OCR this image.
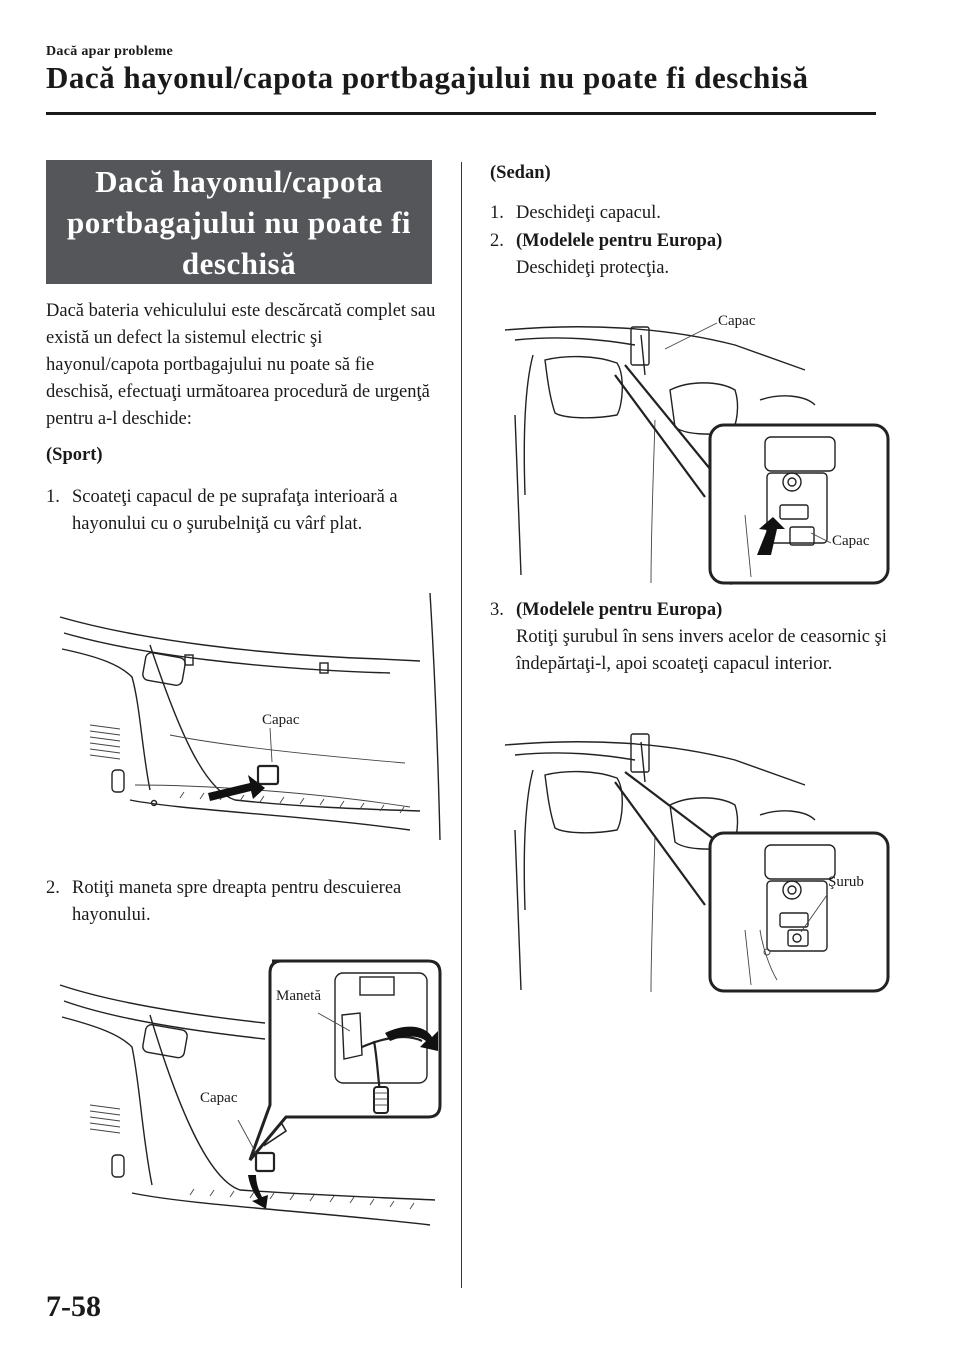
Dacă apar probleme
Dacă hayonul/capota portbagajului nu poate fi deschisă
Dacă hayonul/capota
portbagajului nu poate fi
deschisă
Dacă bateria vehiculului este descărcată complet sau există un defect la sistemul electric şi hayonul/capota portbagajului nu poate să fie deschisă, efectuaţi următoarea procedură de urgenţă pentru a-l deschide:
(Sport)
1. Scoateţi capacul de pe suprafaţa interioară a hayonului cu o şurubelniţă cu vârf plat.
Capac
2. Rotiţi maneta spre dreapta pentru descuierea hayonului.
Manetă
Capac
(Sedan)
1. Deschideţi capacul.
2. (Modelele pentru Europa)
Deschideţi protecţia.
Capac
Capac
3. (Modelele pentru Europa)
Rotiţi şurubul în sens invers acelor de ceasornic şi îndepărtaţi-l, apoi scoateţi capacul interior.
Şurub
7-58
